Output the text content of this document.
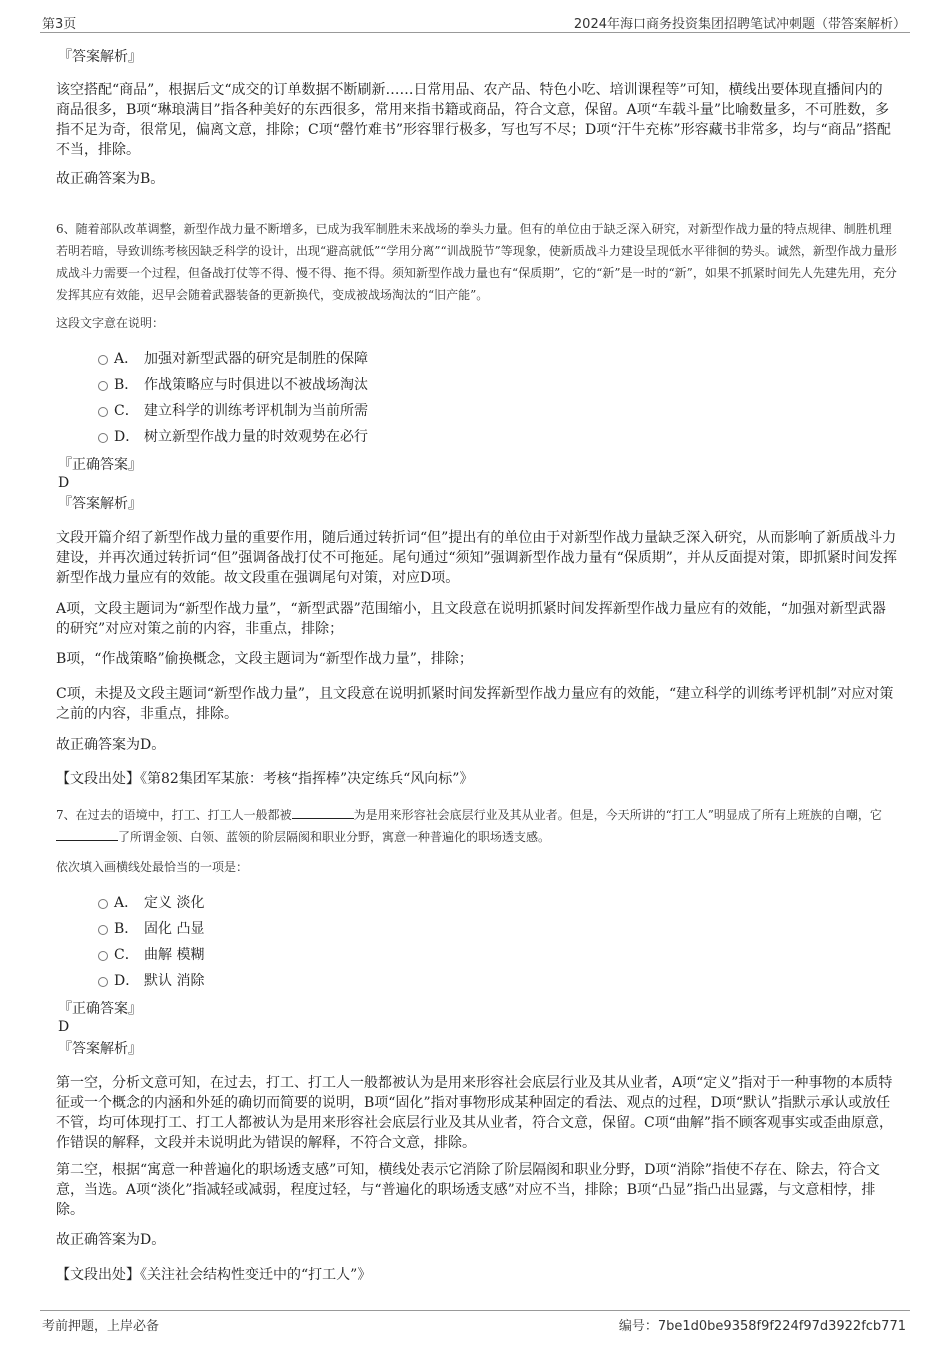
第3页	2024年海口商务投资集团招聘笔试冲刺题（带答案解析）
『答案解析』

该空搭配“商品”，根据后文“成交的订单数据不断刷新……日常用品、农产品、特色小吃、培训课程等”可知，横线出要体现直播间内的商品很多，B项“琳琅满目”指各种美好的东西很多，常用来指书籍或商品，符合文意，保留。A项“车载斗量”比喻数量多，不可胜数，多指不足为奇，很常见，偏离文意，排除；C项“罄竹难书”形容罪行极多，写也写不尽；D项“汗牛充栋”形容藏书非常多，均与“商品”搭配不当，排除。

故正确答案为B。

6、随着部队改革调整，新型作战力量不断增多，已成为我军制胜未来战场的拳头力量。但有的单位由于缺乏深入研究，对新型作战力量的特点规律、制胜机理若明若暗，导致训练考核因缺乏科学的设计，出现“避高就低”“学用分离”“训战脱节”等现象，使新质战斗力建设呈现低水平徘徊的势头。诚然，新型作战力量形成战斗力需要一个过程，但备战打仗等不得、慢不得、拖不得。须知新型作战力量也有“保质期”，它的“新”是一时的“新”，如果不抓紧时间先人先建先用，充分发挥其应有效能，迟早会随着武器装备的更新换代，变成被战场淘汰的“旧产能”。

这段文字意在说明：

A． 加强对新型武器的研究是制胜的保障
B． 作战策略应与时俱进以不被战场淘汰
C． 建立科学的训练考评机制为当前所需
D． 树立新型作战力量的时效观势在必行
『正确答案』
D
『答案解析』

文段开篇介绍了新型作战力量的重要作用，随后通过转折词“但”提出有的单位由于对新型作战力量缺乏深入研究，从而影响了新质战斗力建设，并再次通过转折词“但”强调备战打仗不可拖延。尾句通过“须知”强调新型作战力量有“保质期”，并从反面提对策，即抓紧时间发挥新型作战力量应有的效能。故文段重在强调尾句对策，对应D项。

A项，文段主题词为“新型作战力量”，“新型武器”范围缩小，且文段意在说明抓紧时间发挥新型作战力量应有的效能，“加强对新型武器的研究”对应对策之前的内容，非重点，排除；

B项，“作战策略”偷换概念，文段主题词为“新型作战力量”，排除；

C项，未提及文段主题词“新型作战力量”，且文段意在说明抓紧时间发挥新型作战力量应有的效能，“建立科学的训练考评机制”对应对策之前的内容，非重点，排除。

故正确答案为D。

【文段出处】《第82集团军某旅：考核“指挥棒”决定练兵“风向标”》

7、在过去的语境中，打工、打工人一般都被	为是用来形容社会底层行业及其从业者。但是，今天所讲的“打工人”明显成了所有上班族的自嘲，它了所谓金领、白领、蓝领的阶层隔阂和职业分野，寓意一种普遍化的职场透支感。

依次填入画横线处最恰当的一项是：

A． 定义 淡化
B． 固化 凸显
C． 曲解 模糊
D． 默认 消除
『正确答案』
D
『答案解析』

第一空，分析文意可知，在过去，打工、打工人一般都被认为是用来形容社会底层行业及其从业者，A项“定义”指对于一种事物的本质特征或一个概念的内涵和外延的确切而简要的说明，B项“固化”指对事物形成某种固定的看法、观点的过程，D项“默认”指默示承认或放任不管，均可体现打工、打工人都被认为是用来形容社会底层行业及其从业者，符合文意，保留。C项“曲解”指不顾客观事实或歪曲原意，作错误的解释，文段并未说明此为错误的解释，不符合文意，排除。

第二空，根据“寓意一种普遍化的职场透支感”可知，横线处表示它消除了阶层隔阂和职业分野，D项“消除”指使不存在、除去，符合文意，当选。A项“淡化”指减轻或减弱，程度过轻，与“普遍化的职场透支感”对应不当，排除；B项“凸显”指凸出显露，与文意相悖，排除。

故正确答案为D。

【文段出处】《关注社会结构性变迁中的“打工人”》
考前押题，上岸必备	编号：7be1d0be9358f9f224f97d3922fcb771
